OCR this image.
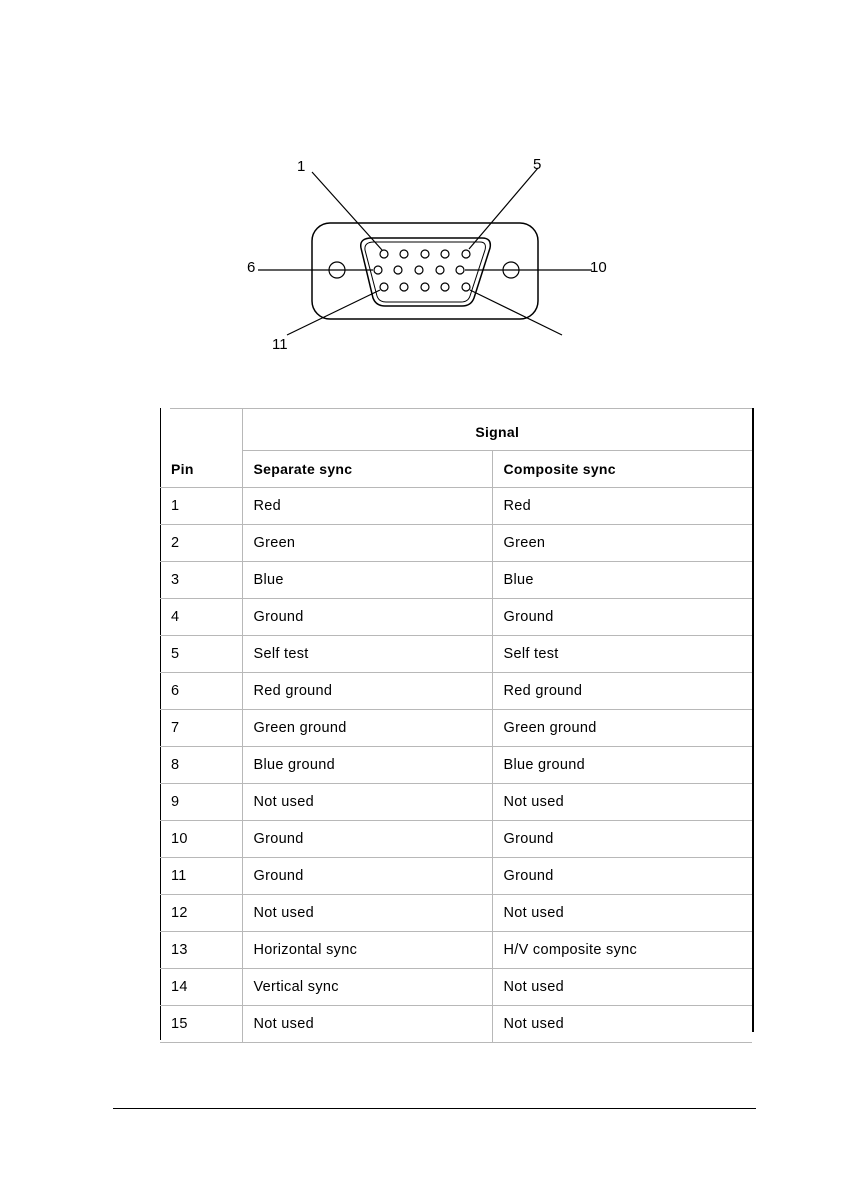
1	5
6	10
11
	Signal	
Pin	Separate sync	Composite sync
1	Red	Red
2	Green	Green
3	Blue	Blue
4	Ground	Ground
5	Self test	Self test
6	Red ground	Red ground
7	Green ground	Green ground
8	Blue ground	Blue ground
9	Not used	Not used
10	Ground	Ground
11	Ground	Ground
12	Not used	Not used
13	Horizontal sync	H/V composite sync
14	Vertical sync	Not used
15	Not used	Not used
